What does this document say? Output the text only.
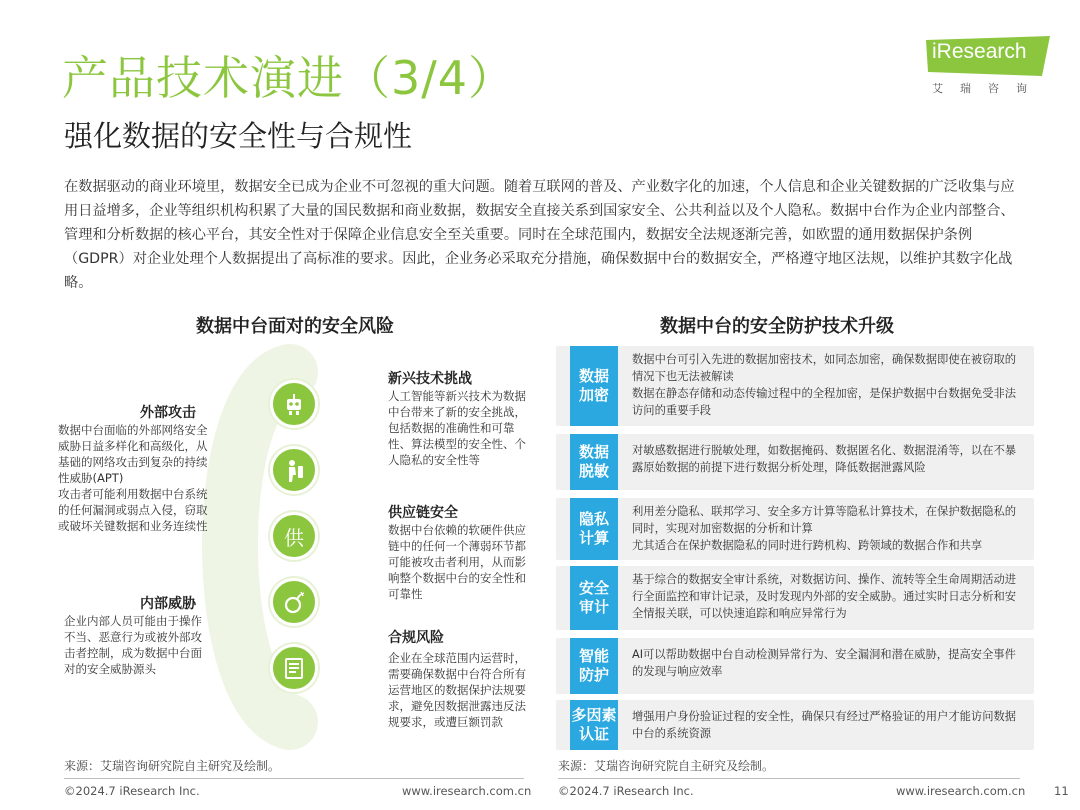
产品技术演进（3/4）
强化数据的安全性与合规性
iResearch
艾瑞咨询
在数据驱动的商业环境里，数据安全已成为企业不可忽视的重大问题。随着互联网的普及、产业数字化的加速，个人信息和企业关键数据的广泛收集与应用日益增多，企业等组织机构积累了大量的国民数据和商业数据，数据安全直接关系到国家安全、公共利益以及个人隐私。数据中台作为企业内部整合、管理和分析数据的核心平台，其安全性对于保障企业信息安全至关重要。同时在全球范围内，数据安全法规逐渐完善，如欧盟的通用数据保护条例（GDPR）对企业处理个人数据提出了高标准的要求。因此，企业务必采取充分措施，确保数据中台的数据安全，严格遵守地区法规，以维护其数字化战略。
数据中台面对的安全风险	数据中台的安全防护技术升级
供
外部攻击
数据中台面临的外部网络安全威胁日益多样化和高级化，从基础的网络攻击到复杂的持续性威胁(APT)
攻击者可能利用数据中台系统的任何漏洞或弱点入侵，窃取或破坏关键数据和业务连续性
内部威胁
企业内部人员可能由于操作不当、恶意行为或被外部攻击者控制，成为数据中台面对的安全威胁源头
新兴技术挑战
人工智能等新兴技术为数据中台带来了新的安全挑战，包括数据的准确性和可靠性、算法模型的安全性、个人隐私的安全性等
供应链安全
数据中台依赖的软硬件供应链中的任何一个薄弱环节都可能被攻击者利用，从而影响整个数据中台的安全性和可靠性
合规风险
企业在全球范围内运营时，需要确保数据中台符合所有运营地区的数据保护法规要求，避免因数据泄露违反法规要求，或遭巨额罚款
数据
加密
数据中台可引入先进的数据加密技术，如同态加密，确保数据即使在被窃取的情况下也无法被解读
数据在静态存储和动态传输过程中的全程加密，是保护数据中台数据免受非法访问的重要手段
数据
脱敏
对敏感数据进行脱敏处理，如数据掩码、数据匿名化、数据混淆等，以在不暴露原始数据的前提下进行数据分析处理，降低数据泄露风险
隐私
计算
利用差分隐私、联邦学习、安全多方计算等隐私计算技术，在保护数据隐私的同时，实现对加密数据的分析和计算
尤其适合在保护数据隐私的同时进行跨机构、跨领域的数据合作和共享
安全
审计
基于综合的数据安全审计系统，对数据访问、操作、流转等全生命周期活动进行全面监控和审计记录，及时发现内外部的安全威胁。通过实时日志分析和安全情报关联，可以快速追踪和响应异常行为
智能
防护
AI可以帮助数据中台自动检测异常行为、安全漏洞和潜在威胁，提高安全事件的发现与响应效率
多因素
认证
增强用户身份验证过程的安全性，确保只有经过严格验证的用户才能访问数据中台的系统资源
来源：艾瑞咨询研究院自主研究及绘制。	来源：艾瑞咨询研究院自主研究及绘制。
©2024.7 iResearch Inc.	www.iresearch.com.cn ©2024.7 iResearch Inc.	www.iresearch.com.cn	11
